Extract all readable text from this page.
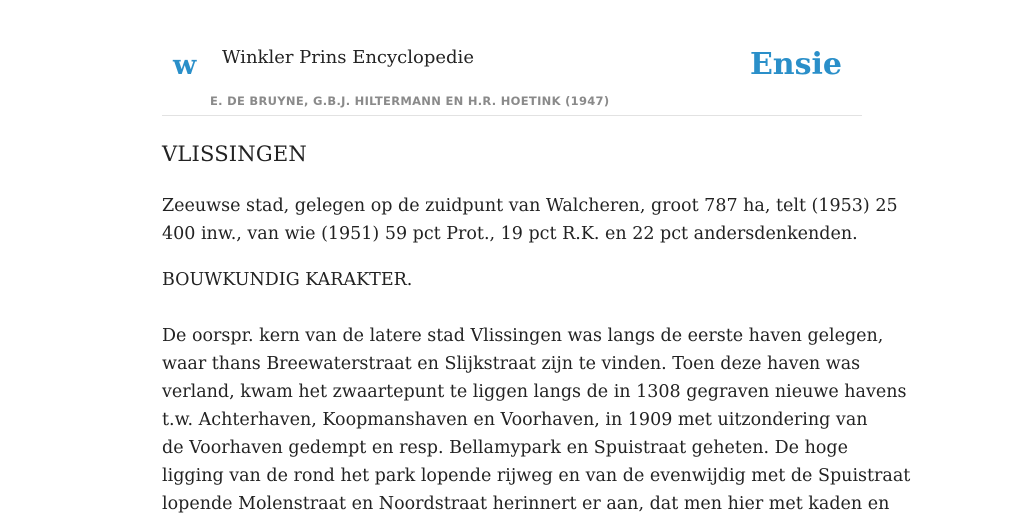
w Winkler Prins Encyclopedie
E. DE BRUYNE, G.B.J. HILTERMANN EN H.R. HOETINK (1947)
Ensie
VLISSINGEN

Zeeuwse stad, gelegen op de zuidpunt van Walcheren, groot 787 ha, telt (1953) 25
400 inw., van wie (1951) 59 pct Prot., 19 pct R.K. en 22 pct andersdenkenden.

BOUWKUNDIG KARAKTER.

De oorspr. kern van de latere stad Vlissingen was langs de eerste haven gelegen,
waar thans Breewaterstraat en Slijkstraat zijn te vinden. Toen deze haven was
verland, kwam het zwaartepunt te liggen langs de in 1308 gegraven nieuwe havens
t.w. Achterhaven, Koopmanshaven en Voorhaven, in 1909 met uitzondering van
de Voorhaven gedempt en resp. Bellamypark en Spuistraat geheten. De hoge
ligging van de rond het park lopende rijweg en van de evenwijdig met de Spuistraat
lopende Molenstraat en Noordstraat herinnert er aan, dat men hier met kaden en
